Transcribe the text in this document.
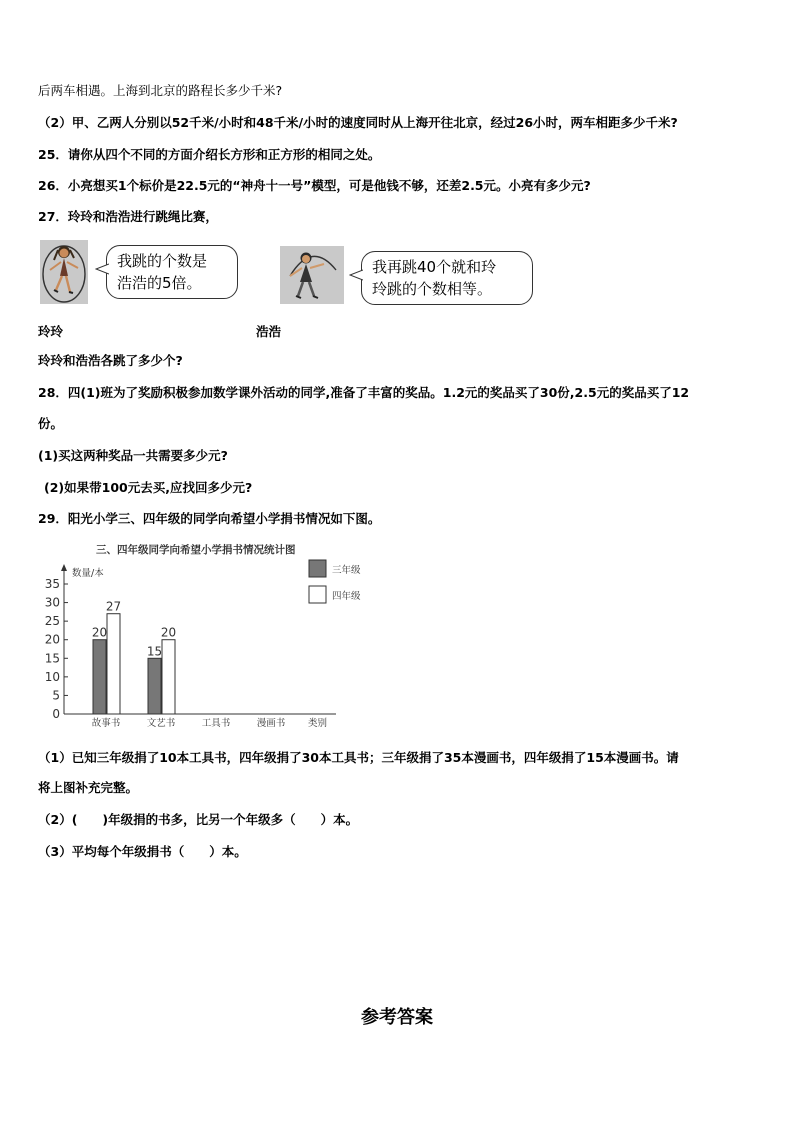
后两车相遇。上海到北京的路程长多少千米?
（2）甲、乙两人分别以52千米/小时和48千米/小时的速度同时从上海开往北京，经过26小时，两车相距多少千米?
25．请你从四个不同的方面介绍长方形和正方形的相同之处。
26．小亮想买1个标价是22.5元的“神舟十一号”模型，可是他钱不够，还差2.5元。小亮有多少元?
27．玲玲和浩浩进行跳绳比赛，
我跳的个数是
浩浩的5倍。
我再跳40个就和玲
玲跳的个数相等。
玲玲	浩浩
玲玲和浩浩各跳了多少个?
28．四(1)班为了奖励积极参加数学课外活动的同学,准备了丰富的奖品。1.2元的奖品买了30份,2.5元的奖品买了12
份。
(1)买这两种奖品一共需要多少元?
(2)如果带100元去买,应找回多少元?
29．阳光小学三、四年级的同学向希望小学捐书情况如下图。
三、四年级同学向希望小学捐书情况统计图
数量/本
类别
0
5
10
15
20
25
30
35
20
27
15
20
故事书	文艺书	工具书	漫画书
三年级
四年级
（1）已知三年级捐了10本工具书，四年级捐了30本工具书；三年级捐了35本漫画书，四年级捐了15本漫画书。请
将上图补充完整。
（2）(　　)年级捐的书多，比另一个年级多（　　）本。
（3）平均每个年级捐书（　　）本。
参考答案
